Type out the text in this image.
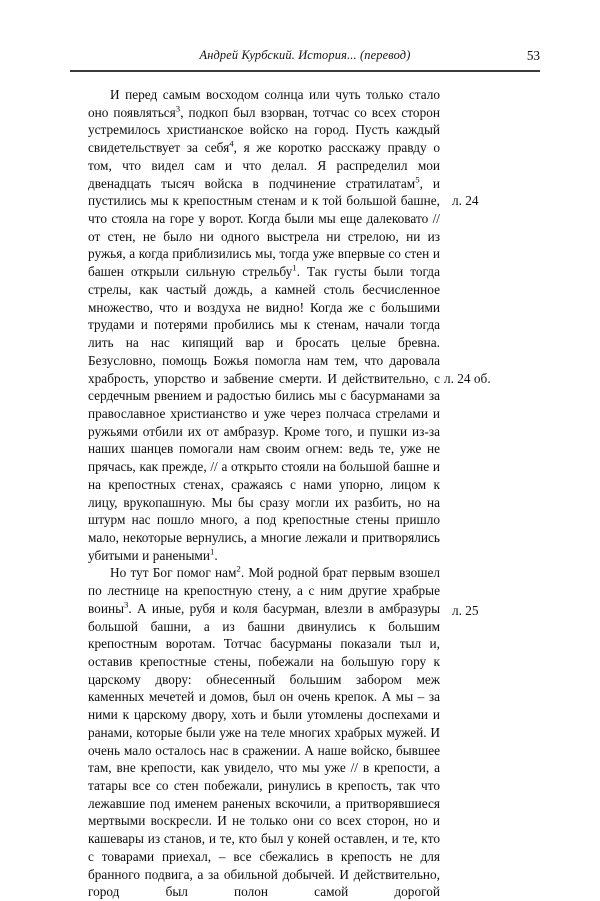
Андрей Курбский. История... (перевод)	53

И перед самым восходом солнца или чуть только стало оно появляться$^3$, подкоп был взорван, тотчас со всех сторон устремилось христианское войско на город. Пусть каждый свидетельствует за себя$^4$, я же коротко расскажу правду о том, что видел сам и что делал. Я распределил мои двенадцать тысяч войска в подчинение стратилатам$^5$, и пустились мы к крепостным стенам и к той большой башне, что стояла на горе у ворот. Когда были мы еще далековато // от стен, не было ни одного выстрела ни стрелою, ни из ружья, а когда приблизились мы, тогда уже впервые со стен и башен открыли сильную стрельбу$^1$. Так густы были тогда стрелы, как частый дождь, а камней столь бесчисленное множество, что и воздуха не видно! Когда же с большими трудами и потерями пробились мы к стенам, начали тогда лить на нас кипящий вар и бросать целые бревна. Безусловно, помощь Божья помогла нам тем, что даровала храбрость, упорство и забвение смерти. И действительно, с сердечным рвением и радостью бились мы с басурманами за православное христианство и уже через полчаса стрелами и ружьями отбили их от амбразур. Кроме того, и пушки из-за наших шанцев помогали нам своим огнем: ведь те, уже не прячась, как прежде, // а открыто стояли на большой башне и на крепостных стенах, сражаясь с нами упорно, лицом к лицу, врукопашную. Мы бы сразу могли их разбить, но на штурм нас пошло много, а под крепостные стены пришло мало, некоторые вернулись, а многие лежали и притворялись убитыми и ранеными$^1$.

Но тут Бог помог нам$^2$. Мой родной брат первым взошел по лестнице на крепостную стену, а с ним другие храбрые воины$^3$. А иные, рубя и коля басурман, влезли в амбразуры большой башни, а из башни двинулись к большим крепостным воротам. Тотчас басурманы показали тыл и, оставив крепостные стены, побежали на большую гору к царскому двору: обнесенный большим забором меж каменных мечетей и домов, был он очень крепок. А мы – за ними к царскому двору, хоть и были утомлены доспехами и ранами, которые были уже на теле многих храбрых мужей. И очень мало осталось нас в сражении. А наше войско, бывшее там, вне крепости, как увидело, что мы уже // в крепости, а татары все со стен побежали, ринулись в крепость, так что лежавшие под именем раненых вскочили, а притворявшиеся мертвыми воскресли. И не только они со всех сторон, но и кашевары из станов, и те, кто был у коней оставлен, и те, кто с товарами приехал, – все сбежались в крепость не для бранного подвига, а за обильной добычей. И действительно, город был полон самой дорогой

л. 24
л. 24 об.
л. 25
